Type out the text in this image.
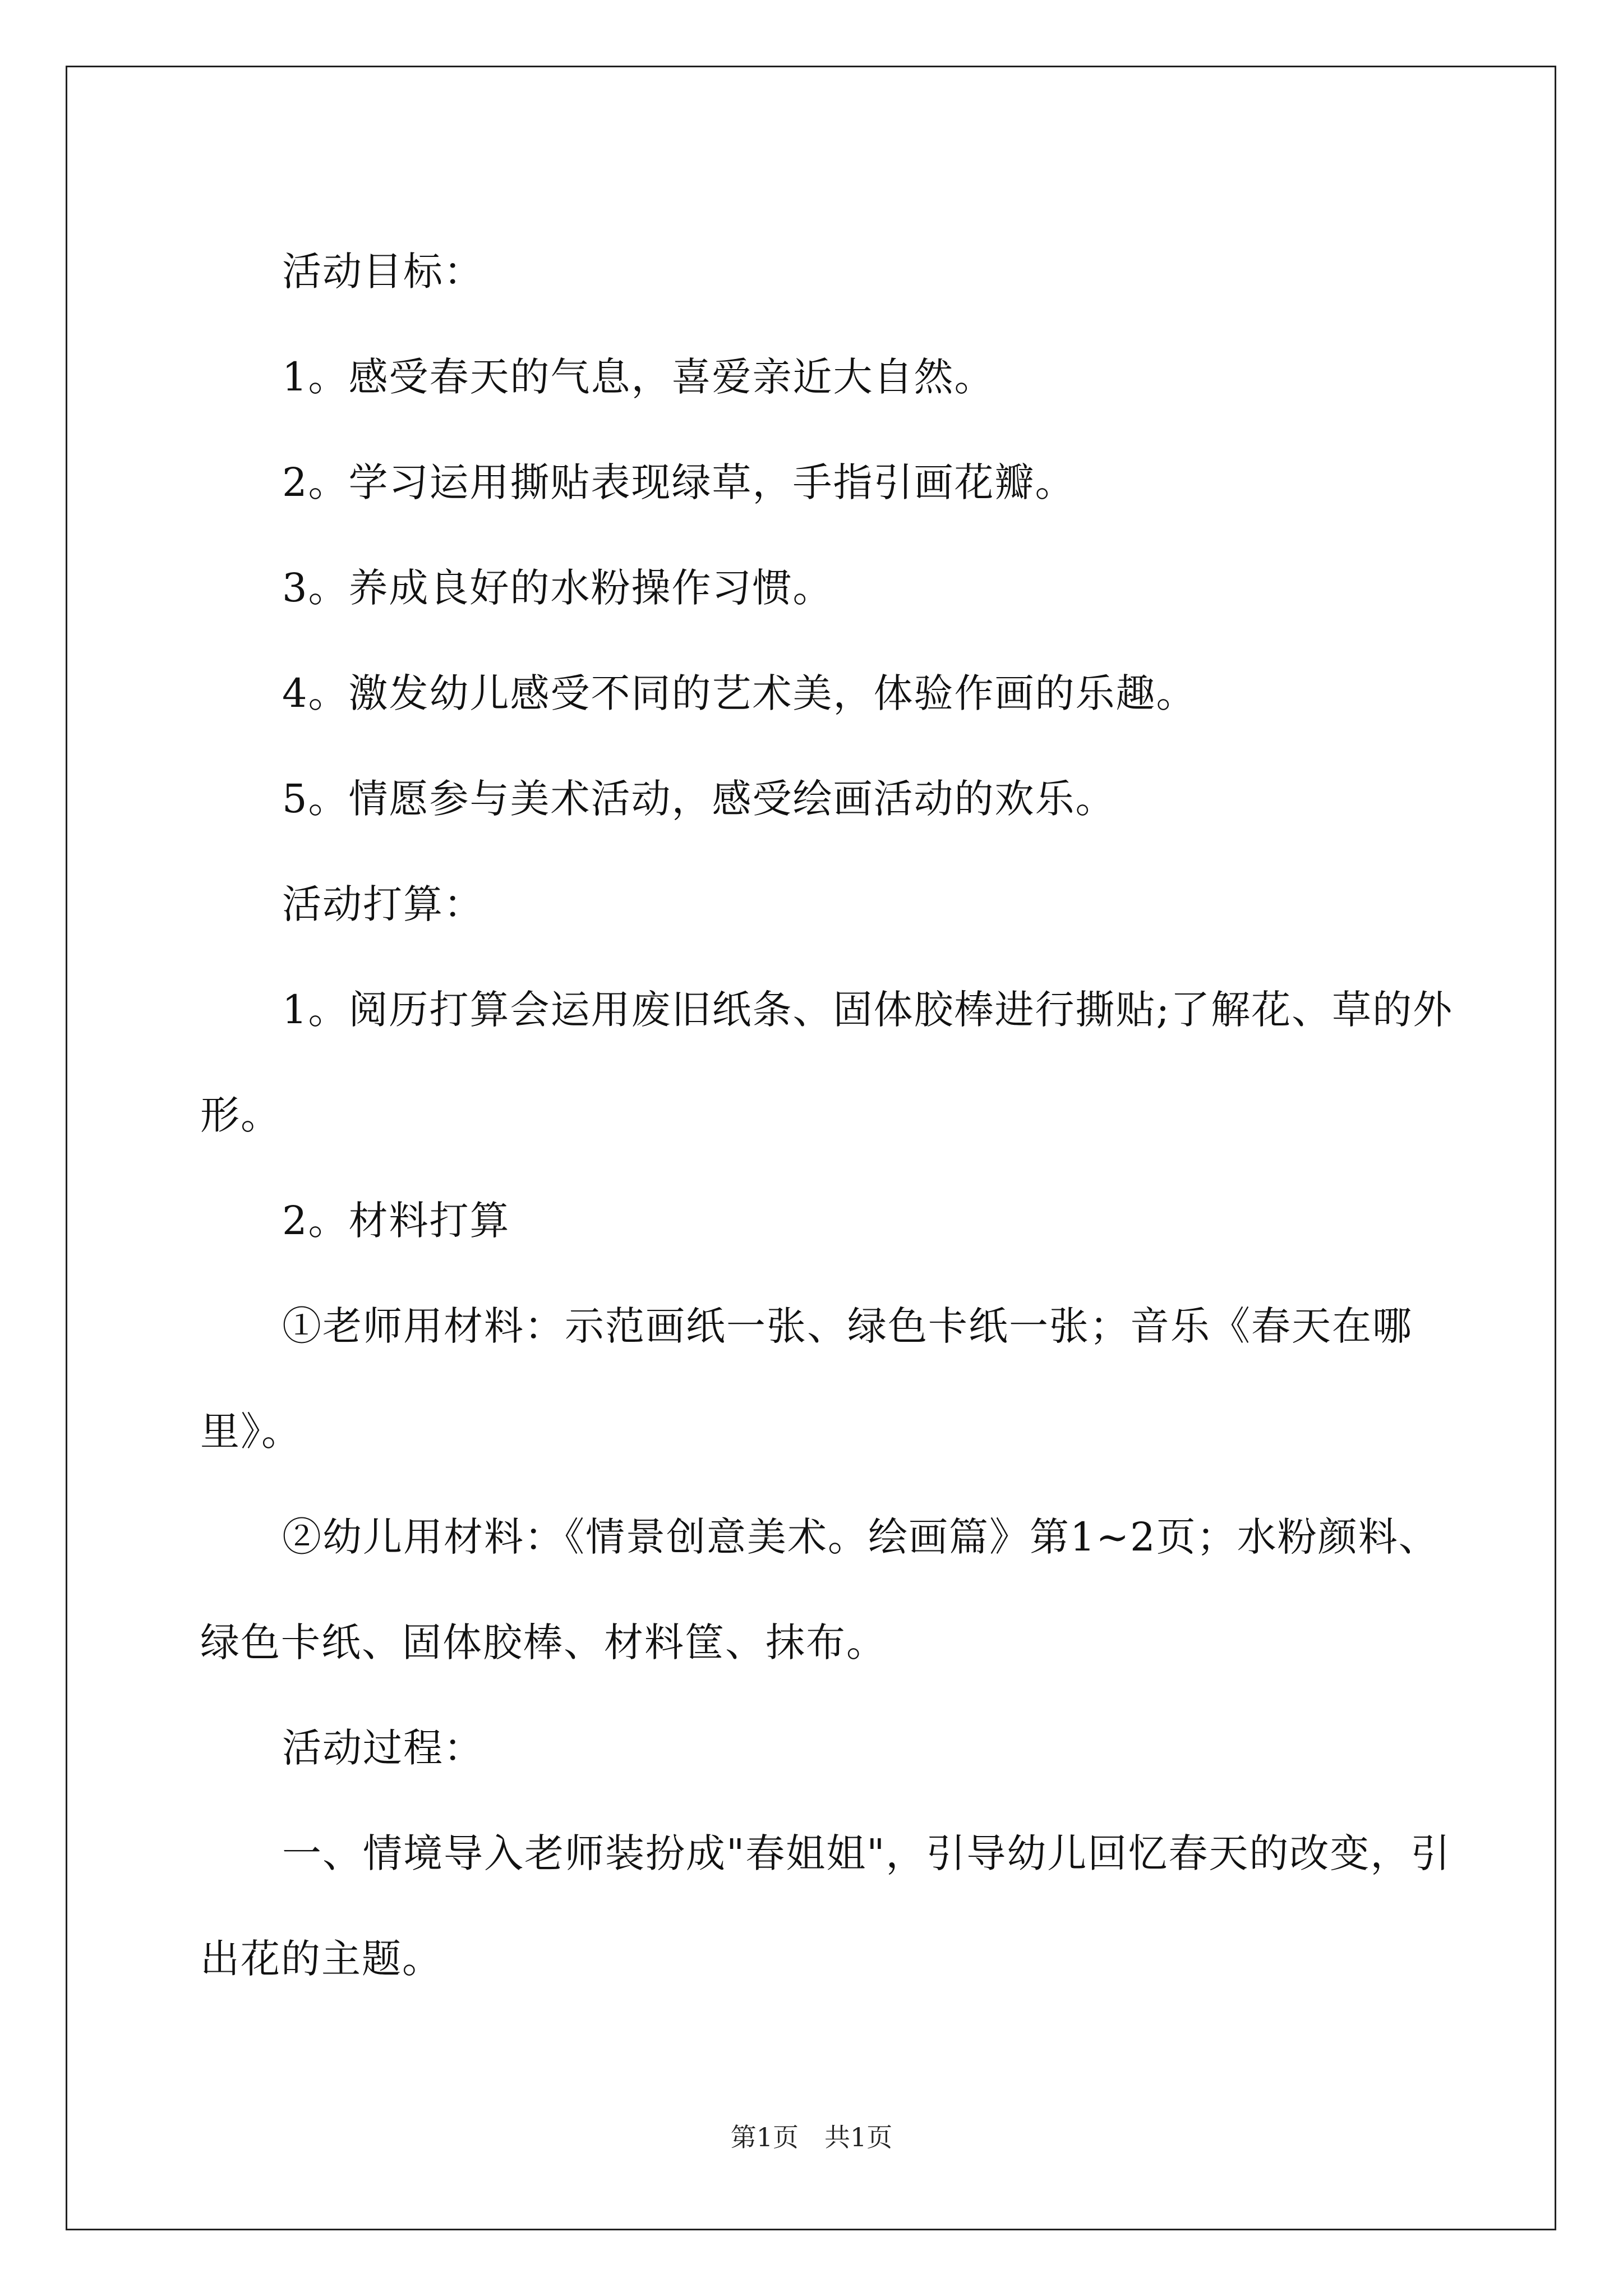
活动目标：

1。感受春天的气息，喜爱亲近大自然。

2。学习运用撕贴表现绿草，手指引画花瓣。

3。养成良好的水粉操作习惯。

4。激发幼儿感受不同的艺术美，体验作画的乐趣。

5。情愿参与美术活动，感受绘画活动的欢乐。

活动打算：

1。阅历打算会运用废旧纸条、固体胶棒进行撕贴;了解花、草的外形。

2。材料打算

①老师用材料：示范画纸一张、绿色卡纸一张；音乐《春天在哪里》。

②幼儿用材料：《情景创意美术。绘画篇》第1~2页；水粉颜料、绿色卡纸、固体胶棒、材料筐、抹布。

活动过程：

一、情境导入老师装扮成"春姐姐"，引导幼儿回忆春天的改变，引出花的主题。

第1页　共1页
